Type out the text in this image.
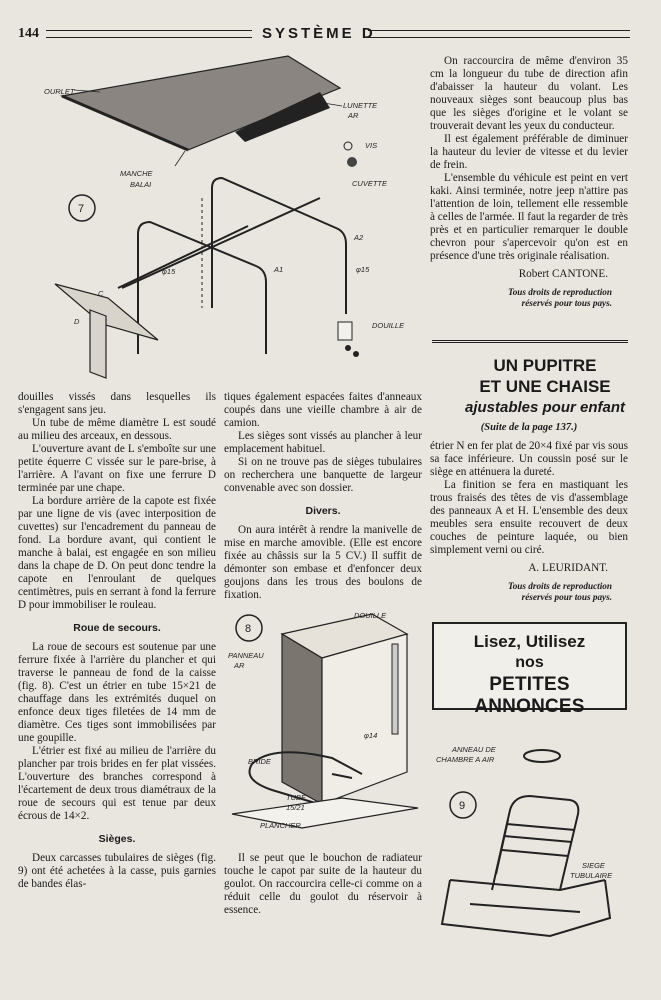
144	SYSTÈME D
7
OURLET
LUNETTE
AR
VIS
CUVETTE
MANCHE
BALAI
A2
A1
φ15	φ15
C
D	DOUILLE

douilles vissés dans lesquelles ils s'engagent sans jeu.

Un tube de même diamètre L est soudé au milieu des arceaux, en dessous.

L'ouverture avant de L s'emboîte sur une petite équerre C vissée sur le pare-brise, à l'arrière. A l'avant on fixe une ferrure D terminée par une chape.

La bordure arrière de la capote est fixée par une ligne de vis (avec interposition de cuvettes) sur l'encadrement du panneau de fond. La bordure avant, qui contient le manche à balai, est engagée en son milieu dans la chape de D. On peut donc tendre la capote en l'enroulant de quelques centimètres, puis en serrant à fond la ferrure D pour immobiliser le rouleau.

Roue de secours.

La roue de secours est soutenue par une ferrure fixée à l'arrière du plancher et qui traverse le panneau de fond de la caisse (fig. 8). C'est un étrier en tube 15×21 de chauffage dans les extrémités duquel on enfonce deux tiges filetées de 14 mm de diamètre. Ces tiges sont immobilisées par une goupille.

L'étrier est fixé au milieu de l'arrière du plancher par trois brides en fer plat vissées. L'ouverture des branches correspond à l'écartement de deux trous diamétraux de la roue de secours qui est tenue par deux écrous de 14×2.

Sièges.

Deux carcasses tubulaires de sièges (fig. 9) ont été achetées à la casse, puis garnies de bandes élas-

tiques également espacées faites d'anneaux coupés dans une vieille chambre à air de camion.

Les sièges sont vissés au plancher à leur emplacement habituel.

Si on ne trouve pas de sièges tubulaires on recherchera une banquette de largeur convenable avec son dossier.

Divers.

On aura intérêt à rendre la manivelle de mise en marche amovible. (Elle est encore fixée au châssis sur la 5 CV.) Il suffit de démonter son embase et d'enfoncer deux goujons dans les trous des boulons de fixation.

8
DOUILLE
PANNEAU
AR
φ14
BRIDE
TUBE
15/21
PLANCHER

Il se peut que le bouchon de radiateur touche le capot par suite de la hauteur du goulot. On raccourcira celle-ci comme on a réduit celle du goulot du réservoir à essence.

On raccourcira de même d'environ 35 cm la longueur du tube de direction afin d'abaisser la hauteur du volant. Les nouveaux sièges sont beaucoup plus bas que les sièges d'origine et le volant se trouverait devant les yeux du conducteur.

Il est également préférable de diminuer la hauteur du levier de vitesse et du levier de frein.

L'ensemble du véhicule est peint en vert kaki. Ainsi terminée, notre jeep n'attire pas l'attention de loin, tellement elle ressemble à celles de l'armée. Il faut la regarder de très près et en particulier remarquer le double chevron pour s'apercevoir qu'on est en présence d'une très originale réalisation.

Robert CANTONE.
Tous droits de reproduction
réservés pour tous pays.
UN PUPITRE
ET UNE CHAISE
ajustables pour enfant
(Suite de la page 137.)

étrier N en fer plat de 20×4 fixé par vis sous sa face inférieure. Un coussin posé sur le siège en atténuera la dureté.

La finition se fera en mastiquant les trous fraisés des têtes de vis d'assemblage des panneaux A et H. L'ensemble des deux meubles sera ensuite recouvert de deux couches de peinture laquée, ou bien simplement verni ou ciré.

A. LEURIDANT.
Tous droits de reproduction
réservés pour tous pays.
Lisez, Utilisez
nos
PETITES ANNONCES
ANNEAU DE
CHAMBRE A AIR
9
SIEGE
TUBULAIRE
